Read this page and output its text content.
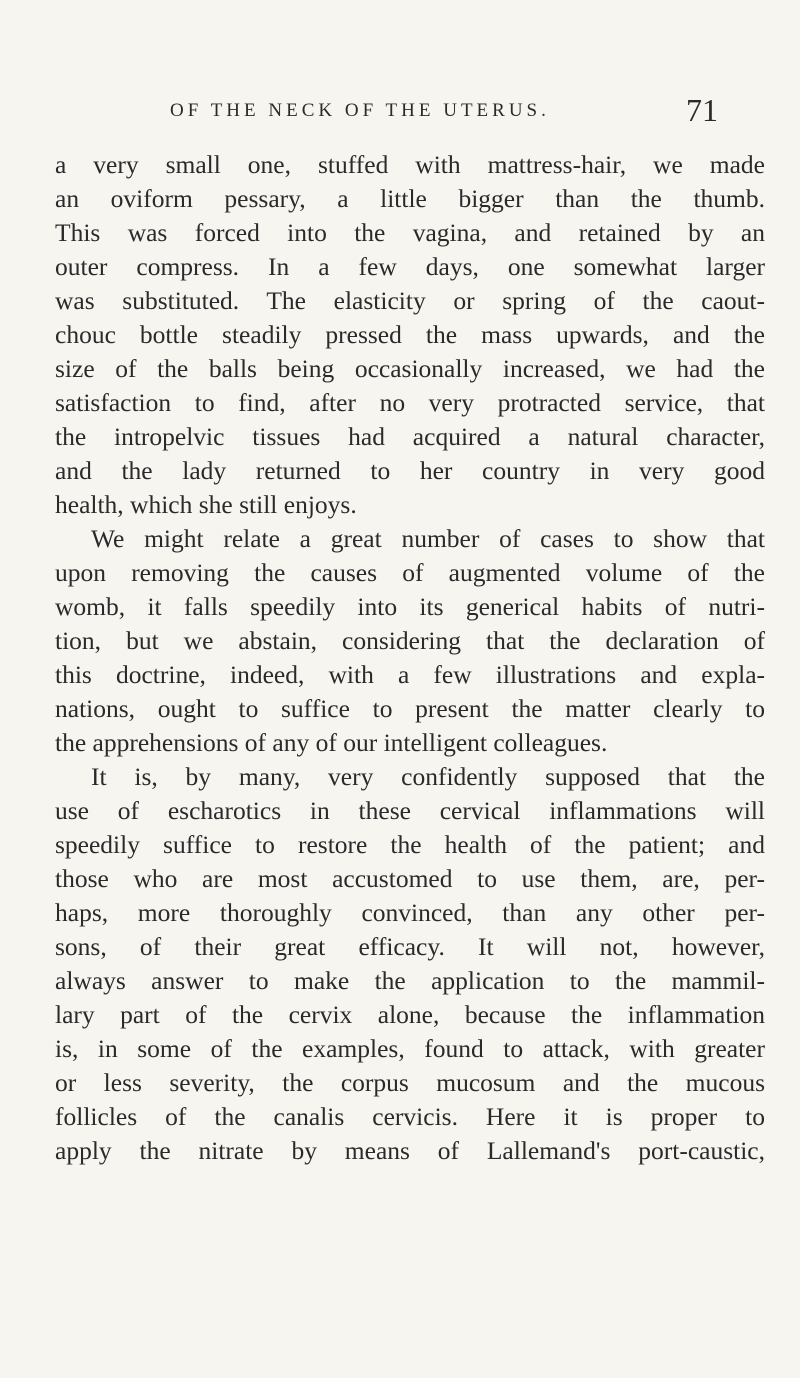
OF THE NECK OF THE UTERUS.	71
a very small one, stuffed with mattress-hair, we made
an oviform pessary, a little bigger than the thumb.
This was forced into the vagina, and retained by an
outer compress. In a few days, one somewhat larger
was substituted. The elasticity or spring of the caout-
chouc bottle steadily pressed the mass upwards, and the
size of the balls being occasionally increased, we had the
satisfaction to find, after no very protracted service, that
the intropelvic tissues had acquired a natural character,
and the lady returned to her country in very good
health, which she still enjoys.
We might relate a great number of cases to show that
upon removing the causes of augmented volume of the
womb, it falls speedily into its generical habits of nutri-
tion, but we abstain, considering that the declaration of
this doctrine, indeed, with a few illustrations and expla-
nations, ought to suffice to present the matter clearly to
the apprehensions of any of our intelligent colleagues.
It is, by many, very confidently supposed that the
use of escharotics in these cervical inflammations will
speedily suffice to restore the health of the patient; and
those who are most accustomed to use them, are, per-
haps, more thoroughly convinced, than any other per-
sons, of their great efficacy. It will not, however,
always answer to make the application to the mammil-
lary part of the cervix alone, because the inflammation
is, in some of the examples, found to attack, with greater
or less severity, the corpus mucosum and the mucous
follicles of the canalis cervicis. Here it is proper to
apply the nitrate by means of Lallemand's port-caustic,
